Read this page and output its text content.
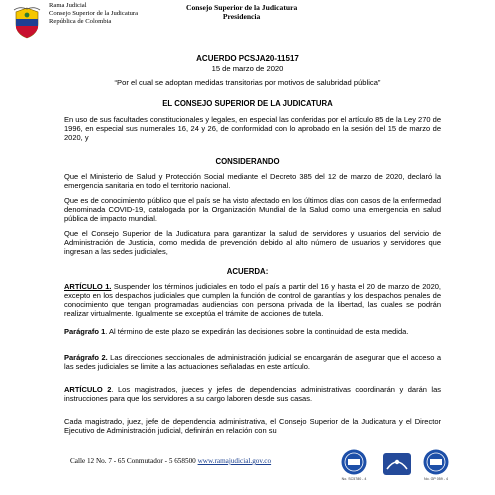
Rama Judicial
Consejo Superior de la Judicatura
República de Colombia
Consejo Superior de la Judicatura
Presidencia
ACUERDO PCSJA20-11517
15 de marzo de 2020
“Por el cual se adoptan medidas transitorias por motivos de salubridad pública”
EL CONSEJO SUPERIOR DE LA JUDICATURA
En uso de sus facultades constitucionales y legales, en especial las conferidas por el artículo 85 de la Ley 270 de 1996, en especial sus numerales 16, 24 y 26, de conformidad con lo aprobado en la sesión del 15 de marzo de 2020, y
CONSIDERANDO
Que el Ministerio de Salud y Protección Social mediante el Decreto 385 del 12 de marzo de 2020, declaró la emergencia sanitaria en todo el territorio nacional.
Que es de conocimiento público que el país se ha visto afectado en los últimos días con casos de la enfermedad denominada COVID-19, catalogada por la Organización Mundial de la Salud como una emergencia en salud pública de impacto mundial.
Que el Consejo Superior de la Judicatura para garantizar la salud de servidores y usuarios del servicio de Administración de Justicia, como medida de prevención debido al alto número de usuarios y servidores que ingresan a las sedes judiciales,
ACUERDA:
ARTÍCULO 1. Suspender los términos judiciales en todo el país a partir del 16 y hasta el 20 de marzo de 2020, excepto en los despachos judiciales que cumplen la función de control de garantías y los despachos penales de conocimiento que tengan programadas audiencias con persona privada de la libertad, las cuales se podrán realizar virtualmente. Igualmente se exceptúa el trámite de acciones de tutela.
Parágrafo 1. Al término de este plazo se expedirán las decisiones sobre la continuidad de esta medida.
Parágrafo 2. Las direcciones seccionales de administración judicial se encargarán de asegurar que el acceso a las sedes judiciales se limite a las actuaciones señaladas en este artículo.
ARTÍCULO 2. Los magistrados, jueces y jefes de dependencias administrativas coordinarán y darán las instrucciones para que los servidores a su cargo laboren desde sus casas.
Cada magistrado, juez, jefe de dependencia administrativa, el Consejo Superior de la Judicatura y el Director Ejecutivo de Administración judicial, definirán en relación con su
Calle 12 No. 7 - 65 Conmutador - 5 658500 www.ramajudicial.gov.co
No. SC5780 - 4	No. GP 059 - 4
